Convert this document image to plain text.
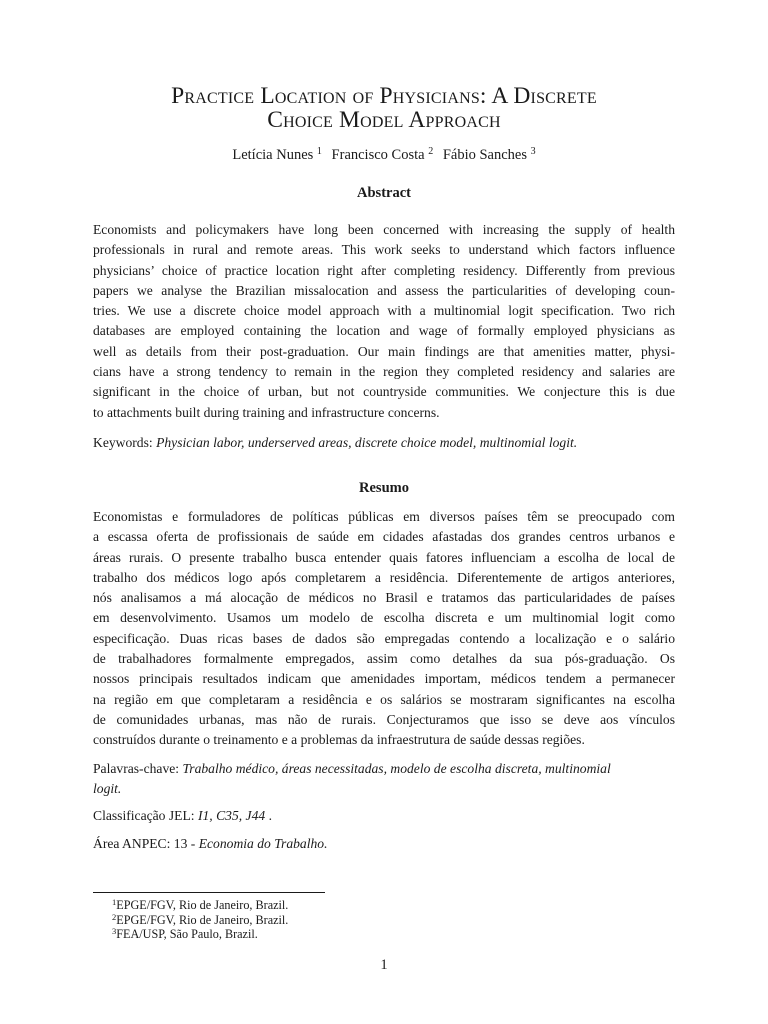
Practice Location of Physicians: A Discrete
Choice Model Approach
Letícia Nunes $^1$ Francisco Costa $^2$ Fábio Sanches $^3$
Abstract
Economists and policymakers have long been concerned with increasing the supply of health
professionals in rural and remote areas. This work seeks to understand which factors influence
physicians’ choice of practice location right after completing residency. Differently from previous
papers we analyse the Brazilian missalocation and assess the particularities of developing coun-
tries. We use a discrete choice model approach with a multinomial logit specification. Two rich
databases are employed containing the location and wage of formally employed physicians as
well as details from their post-graduation. Our main findings are that amenities matter, physi-
cians have a strong tendency to remain in the region they completed residency and salaries are
significant in the choice of urban, but not countryside communities. We conjecture this is due
to attachments built during training and infrastructure concerns.
Keywords: Physician labor, underserved areas, discrete choice model, multinomial logit.
Resumo
Economistas e formuladores de políticas públicas em diversos países têm se preocupado com
a escassa oferta de profissionais de saúde em cidades afastadas dos grandes centros urbanos e
áreas rurais. O presente trabalho busca entender quais fatores influenciam a escolha de local de
trabalho dos médicos logo após completarem a residência. Diferentemente de artigos anteriores,
nós analisamos a má alocação de médicos no Brasil e tratamos das particularidades de países
em desenvolvimento. Usamos um modelo de escolha discreta e um multinomial logit como
especificação. Duas ricas bases de dados são empregadas contendo a localização e o salário
de trabalhadores formalmente empregados, assim como detalhes da sua pós-graduação. Os
nossos principais resultados indicam que amenidades importam, médicos tendem a permanecer
na região em que completaram a residência e os salários se mostraram significantes na escolha
de comunidades urbanas, mas não de rurais. Conjecturamos que isso se deve aos vínculos
construídos durante o treinamento e a problemas da infraestrutura de saúde dessas regiões.
Palavras-chave: Trabalho médico, áreas necessitadas, modelo de escolha discreta, multinomial
logit.
Classificação JEL: I1, C35, J44 .
Área ANPEC: 13 - Economia do Trabalho.
$^1$EPGE/FGV, Rio de Janeiro, Brazil.
$^2$EPGE/FGV, Rio de Janeiro, Brazil.
$^3$FEA/USP, São Paulo, Brazil.
1
